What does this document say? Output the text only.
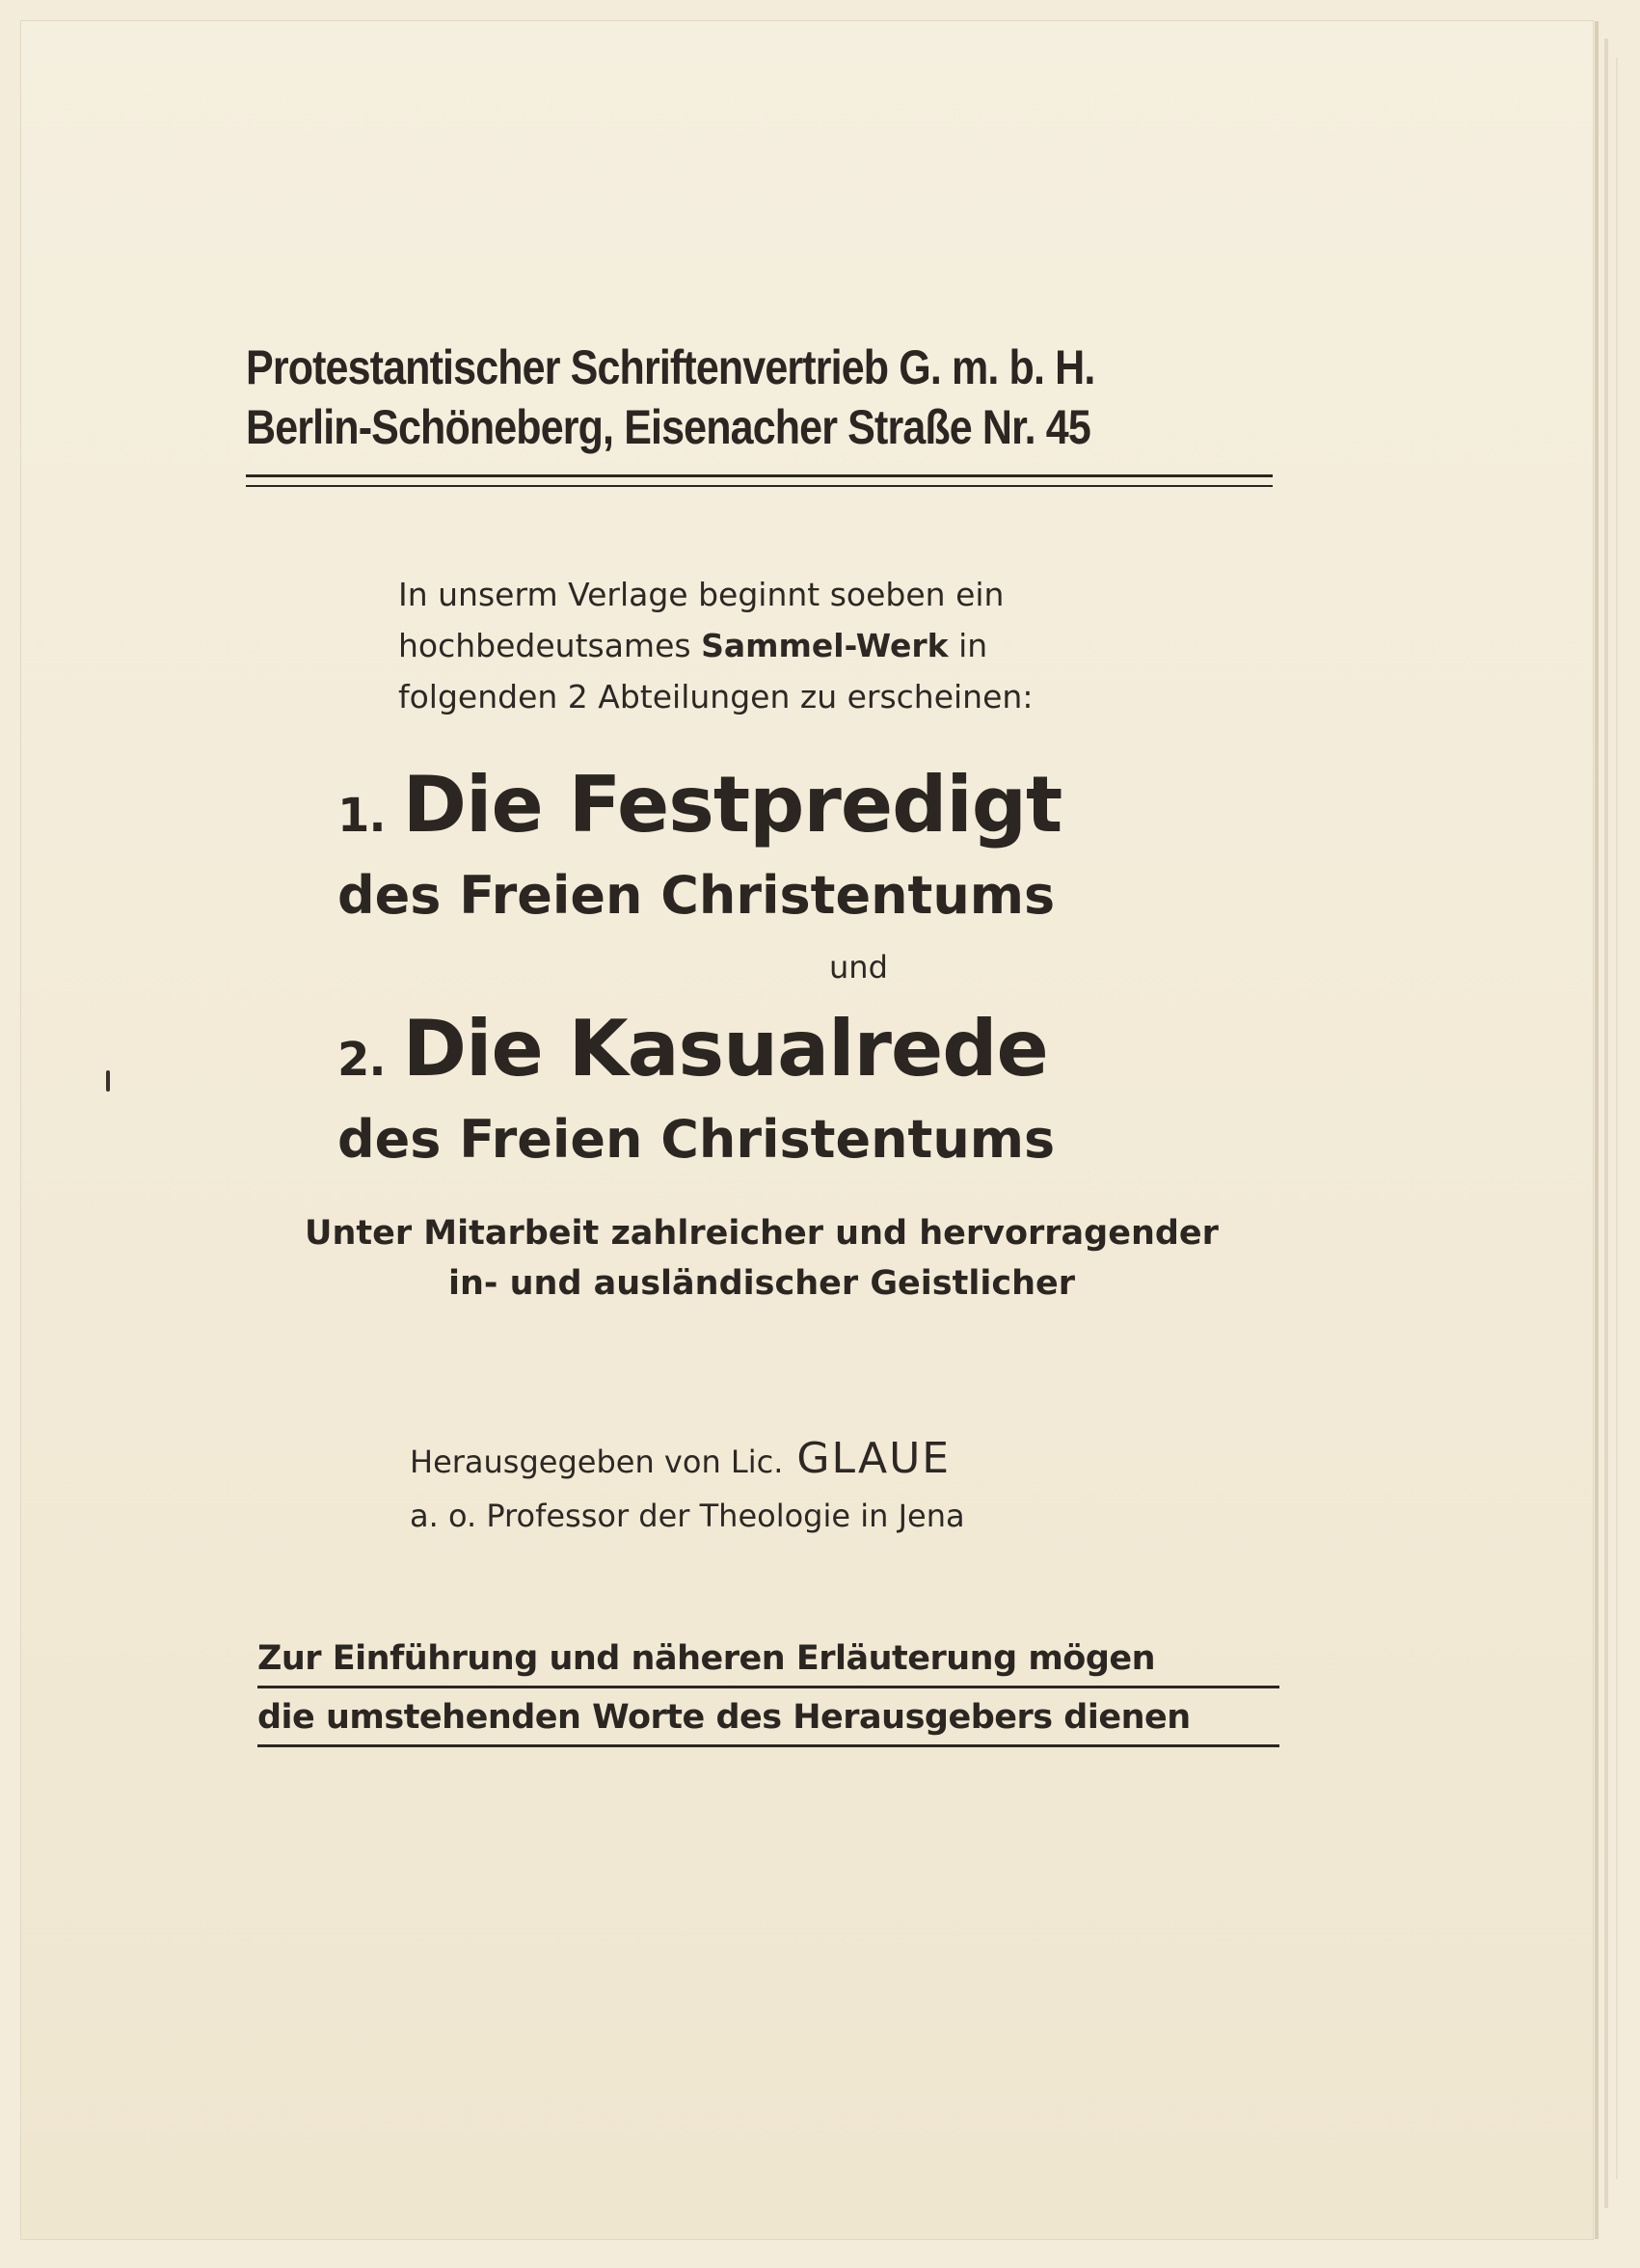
Protestantischer Schriftenvertrieb G. m. b. H.
Berlin-Schöneberg, Eisenacher Straße Nr. 45
In unserm Verlage beginnt soeben ein
hochbedeutsames Sammel-Werk in
folgenden 2 Abteilungen zu erscheinen:
1. Die Festpredigt
des Freien Christentums
und
2. Die Kasualrede
des Freien Christentums
Unter Mitarbeit zahlreicher und hervorragender
in- und ausländischer Geistlicher
Herausgegeben von Lic. GLAUE
a. o. Professor der Theologie in Jena
Zur Einführung und näheren Erläuterung mögen
die umstehenden Worte des Herausgebers dienen
